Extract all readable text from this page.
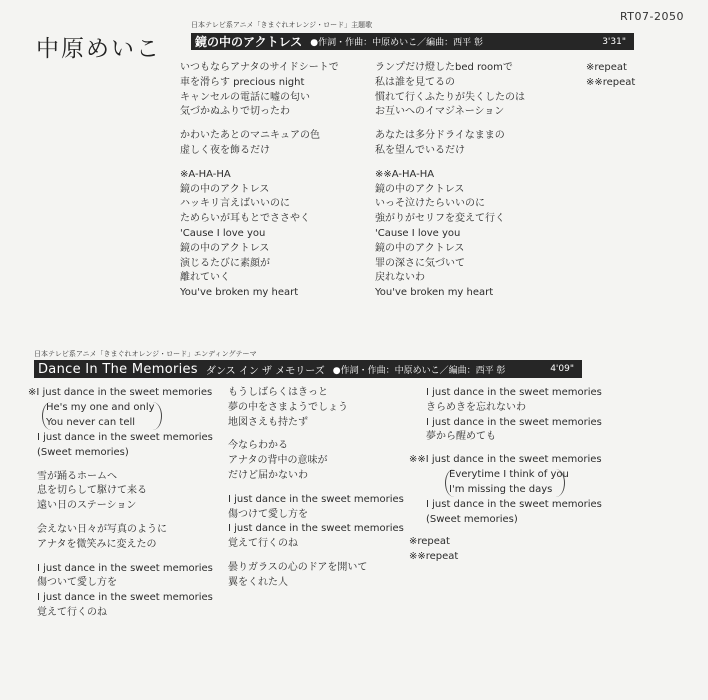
中原めいこ
日本テレビ系アニメ「きまぐれオレンジ・ロード」主題歌
RT07-2050
鏡の中のアクトレス ●作詞・作曲：中原めいこ／編曲：西平 彰	3'31"
いつもならアナタのサイドシートで
車を滑らす precious night
キャンセルの電話に嘘の匂い
気づかぬふりで切ったわ
かわいたあとのマニキュアの色
虚しく夜を飾るだけ
※A-HA-HA
鏡の中のアクトレス
ハッキリ言えばいいのに
ためらいが耳もとでささやく
'Cause I love you
鏡の中のアクトレス
演じるたびに素顔が
離れていく
You've broken my heart
ランプだけ燈したbed roomで
私は誰を見てるの
慣れて行くふたりが失くしたのは
お互いへのイマジネーション
あなたは多分ドライなままの
私を望んでいるだけ
※※A-HA-HA
鏡の中のアクトレス
いっそ泣けたらいいのに
強がりがセリフを変えて行く
'Cause I love you
鏡の中のアクトレス
罪の深さに気づいて
戻れないわ
You've broken my heart
※repeat
※※repeat
日本テレビ系アニメ「きまぐれオレンジ・ロード」エンディングテーマ
Dance In The Memories ダンス イン ザ メモリーズ ●作詞・作曲：中原めいこ／編曲：西平 彰	4'09"
※I just dance in the sweet memories
He's my one and only
You never can tell
I just dance in the sweet memories
(Sweet memories)
雪が踊るホームへ
息を切らして駆けて来る
遠い日のステーション
会えない日々が写真のように
アナタを微笑みに変えたの
I just dance in the sweet memories
傷ついて愛し方を
I just dance in the sweet memories
覚えて行くのね
もうしばらくはきっと
夢の中をさまようでしょう
地図さえも持たず
今ならわかる
アナタの背中の意味が
だけど届かないわ
I just dance in the sweet memories
傷つけて愛し方を
I just dance in the sweet memories
覚えて行くのね
曇りガラスの心のドアを開いて
翼をくれた人
I just dance in the sweet memories
きらめきを忘れないわ
I just dance in the sweet memories
夢から醒めても
※※I just dance in the sweet memories
Everytime I think of you
I'm missing the days
I just dance in the sweet memories
(Sweet memories)
※repeat
※※repeat
